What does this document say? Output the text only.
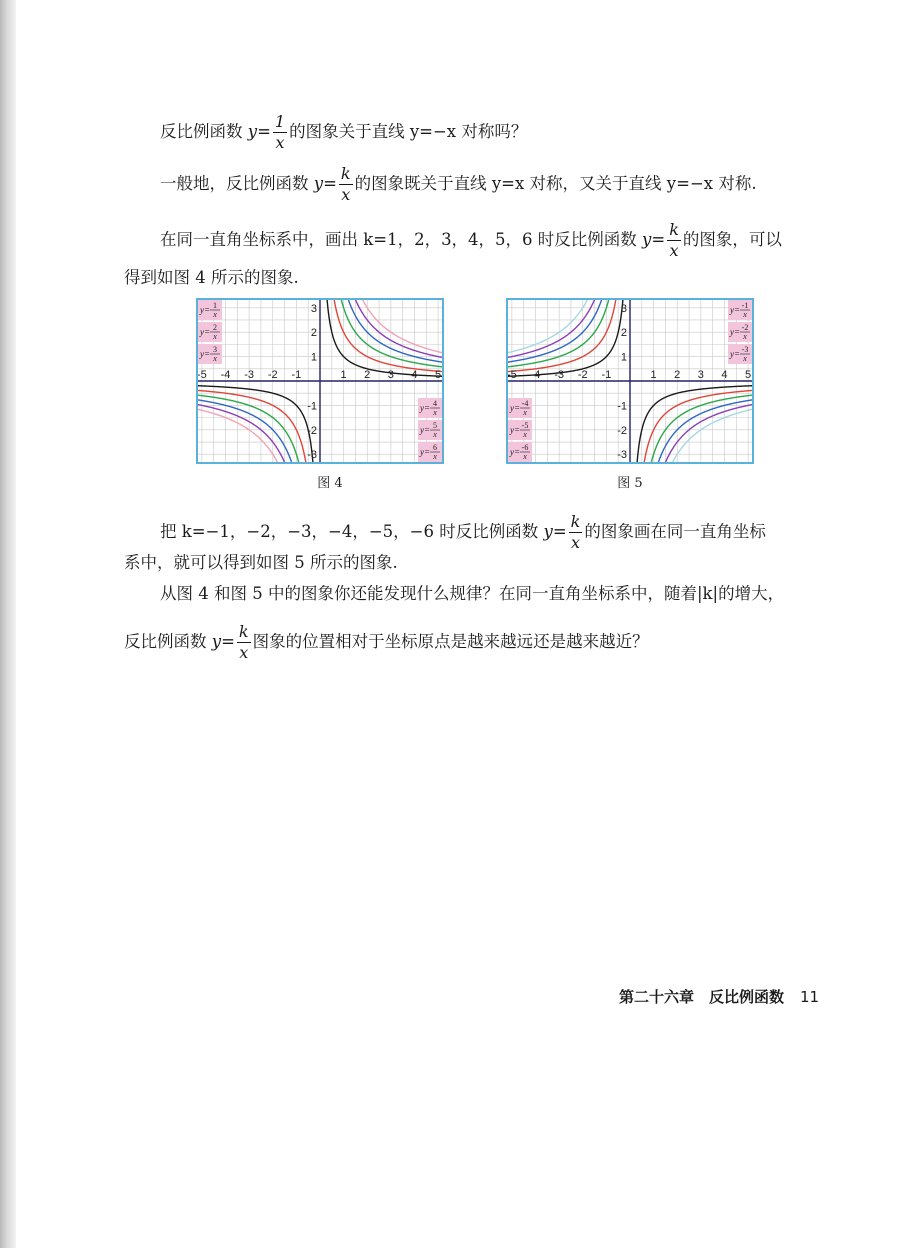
反比例函数 $y= \frac{1}{x}$ 的图象关于直线 y=−x 对称吗？
一般地，反比例函数 $y= \frac{k}{x}$ 的图象既关于直线 y=x 对称，又关于直线 y=−x 对称.
在同一直角坐标系中，画出 k=1，2，3，4，5，6 时反比例函数 $y= \frac{k}{x}$ 的图象，可以
得到如图 4 所示的图象.
-5 -4 -3 -2 -1	1 2 3 4 5
3
2
1
-1
-2
-3
y= 1
x
y= 2
x
y= 3
x
y= 4
x
y= 5
x
y= 6
x
图 4
-5 -4 -3 -2 -1	1 2 3 4 5
3
2
1
-1
-2
-3
y= -1
x
y= -2
x
y= -3
x
y= -4
x
y= -5
x
y= -6
x
图 5
把 k=−1，−2，−3，−4，−5，−6 时反比例函数 $y= \frac{k}{x}$ 的图象画在同一直角坐标
系中，就可以得到如图 5 所示的图象.
从图 4 和图 5 中的图象你还能发现什么规律？在同一直角坐标系中，随着|k|的增大，
反比例函数 $y= \frac{k}{x}$ 图象的位置相对于坐标原点是越来越远还是越来越近？
第二十六章　反比例函数 11
